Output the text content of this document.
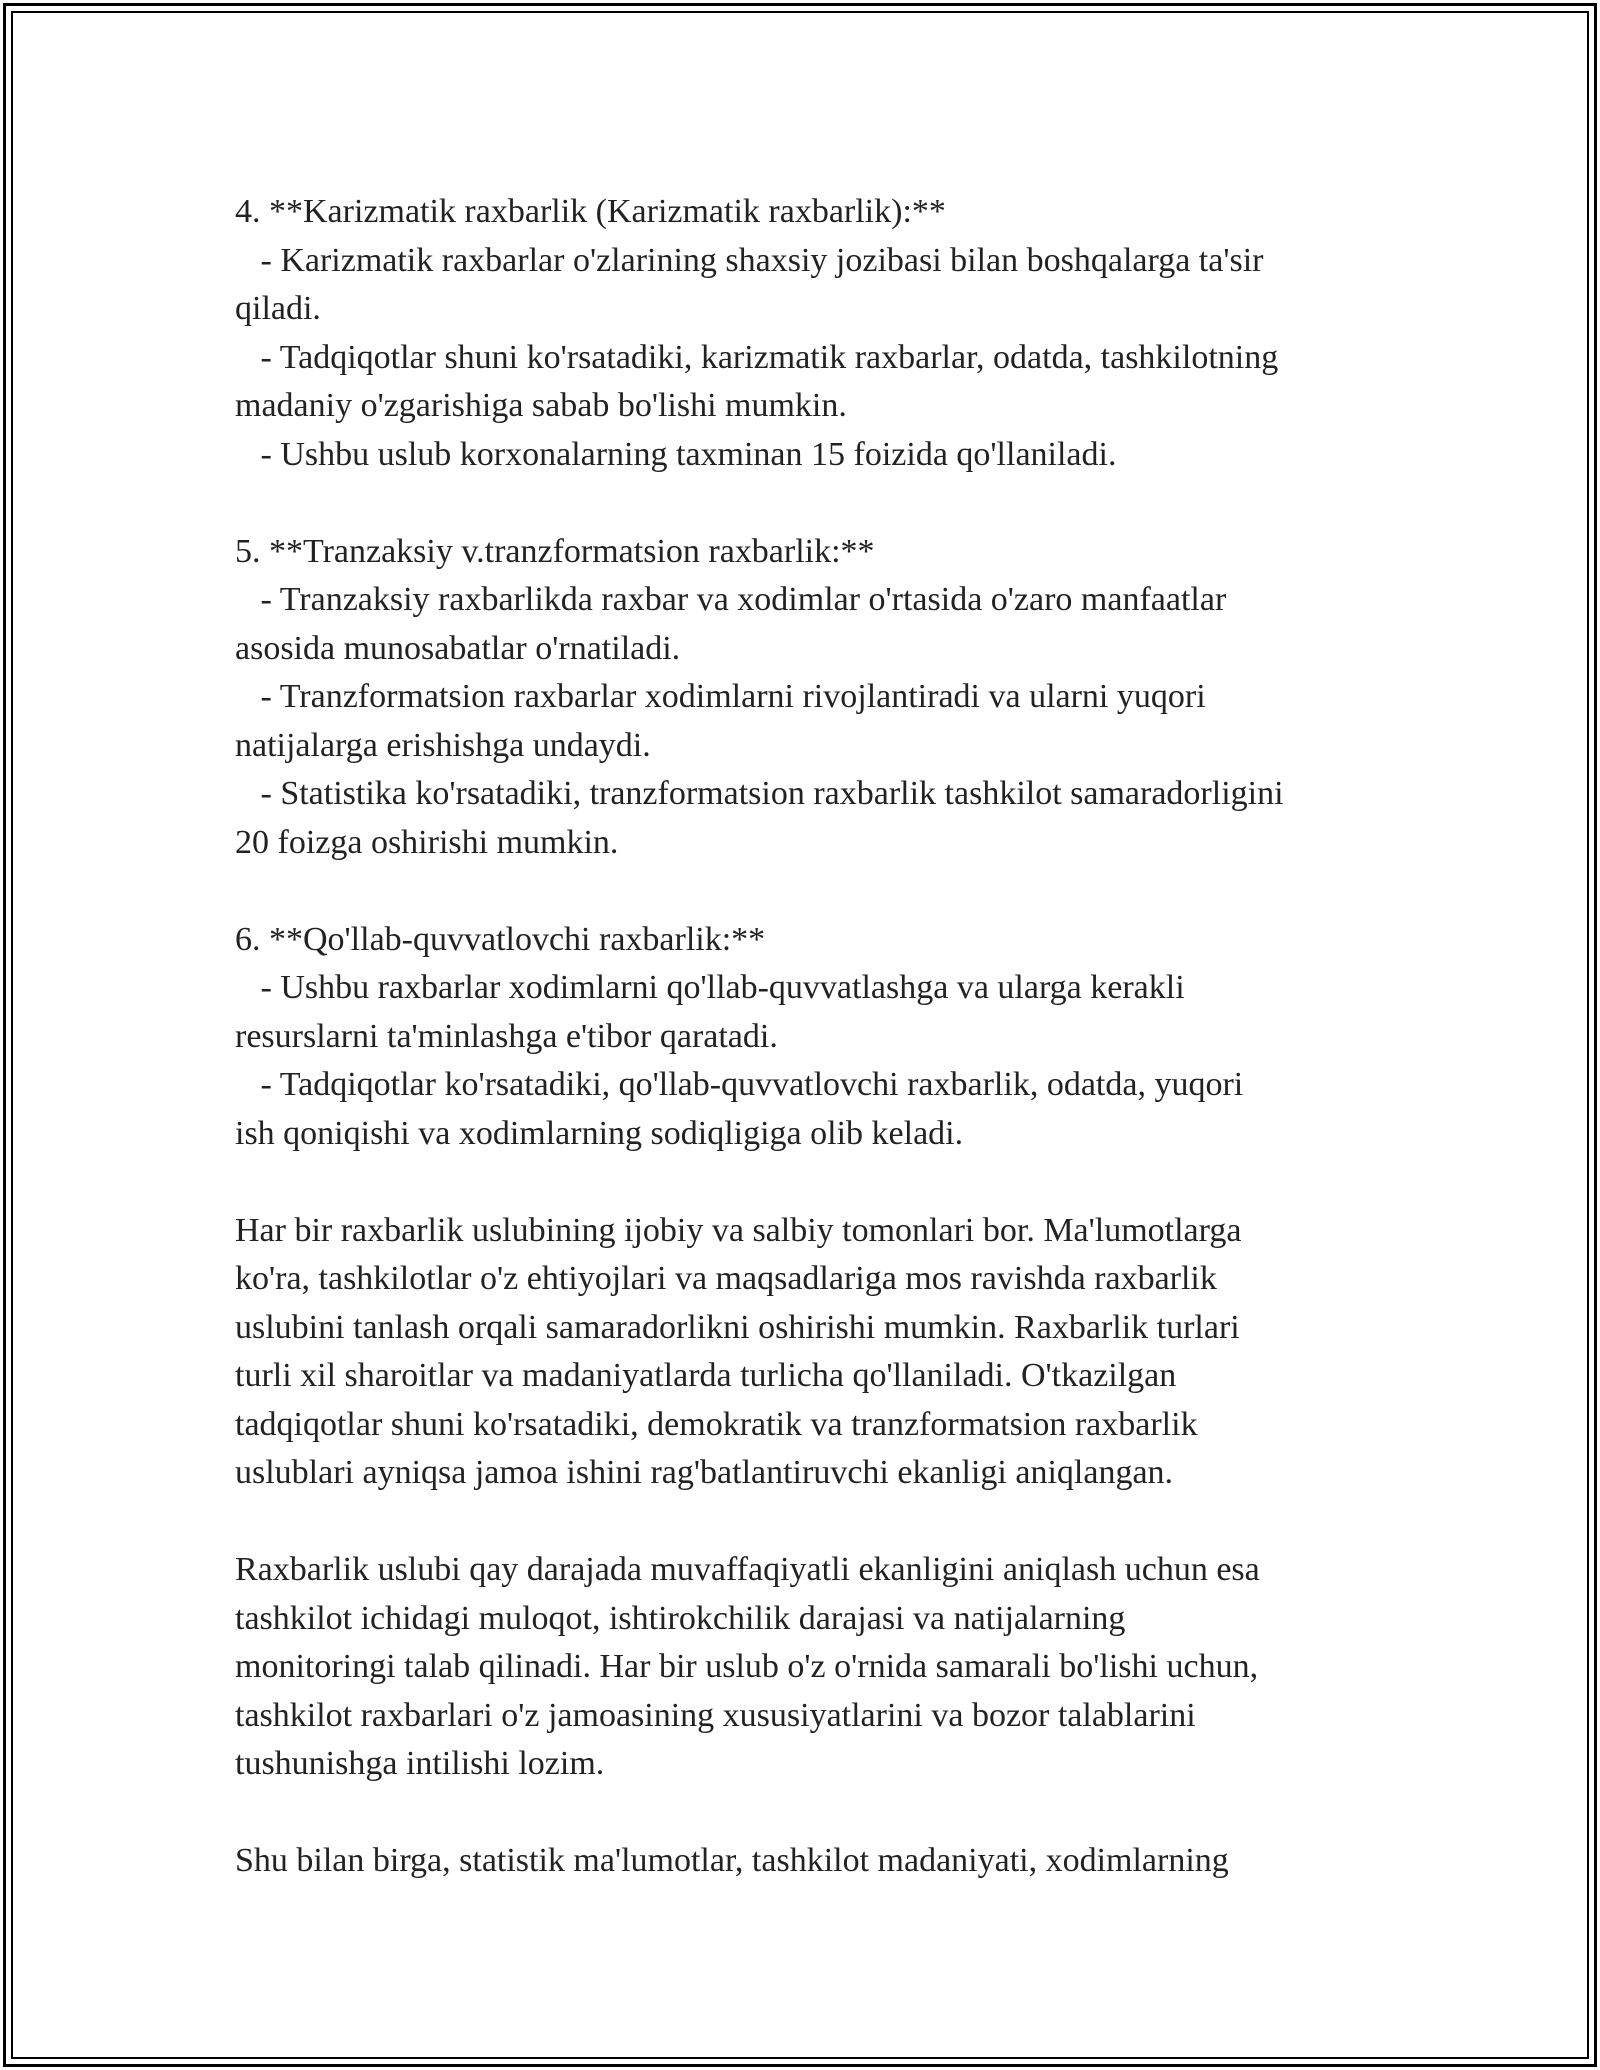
4. **Karizmatik raxbarlik (Karizmatik raxbarlik):**
- Karizmatik raxbarlar o'zlarining shaxsiy jozibasi bilan boshqalarga ta'sir
qiladi.
- Tadqiqotlar shuni ko'rsatadiki, karizmatik raxbarlar, odatda, tashkilotning
madaniy o'zgarishiga sabab bo'lishi mumkin.
- Ushbu uslub korxonalarning taxminan 15 foizida qo'llaniladi.
5. **Tranzaksiy v.tranzformatsion raxbarlik:**
- Tranzaksiy raxbarlikda raxbar va xodimlar o'rtasida o'zaro manfaatlar
asosida munosabatlar o'rnatiladi.
- Tranzformatsion raxbarlar xodimlarni rivojlantiradi va ularni yuqori
natijalarga erishishga undaydi.
- Statistika ko'rsatadiki, tranzformatsion raxbarlik tashkilot samaradorligini
20 foizga oshirishi mumkin.
6. **Qo'llab-quvvatlovchi raxbarlik:**
- Ushbu raxbarlar xodimlarni qo'llab-quvvatlashga va ularga kerakli
resurslarni ta'minlashga e'tibor qaratadi.
- Tadqiqotlar ko'rsatadiki, qo'llab-quvvatlovchi raxbarlik, odatda, yuqori
ish qoniqishi va xodimlarning sodiqligiga olib keladi.
Har bir raxbarlik uslubining ijobiy va salbiy tomonlari bor. Ma'lumotlarga
ko'ra, tashkilotlar o'z ehtiyojlari va maqsadlariga mos ravishda raxbarlik
uslubini tanlash orqali samaradorlikni oshirishi mumkin. Raxbarlik turlari
turli xil sharoitlar va madaniyatlarda turlicha qo'llaniladi. O'tkazilgan
tadqiqotlar shuni ko'rsatadiki, demokratik va tranzformatsion raxbarlik
uslublari ayniqsa jamoa ishini rag'batlantiruvchi ekanligi aniqlangan.
Raxbarlik uslubi qay darajada muvaffaqiyatli ekanligini aniqlash uchun esa
tashkilot ichidagi muloqot, ishtirokchilik darajasi va natijalarning
monitoringi talab qilinadi. Har bir uslub o'z o'rnida samarali bo'lishi uchun,
tashkilot raxbarlari o'z jamoasining xususiyatlarini va bozor talablarini
tushunishga intilishi lozim.
Shu bilan birga, statistik ma'lumotlar, tashkilot madaniyati, xodimlarning
